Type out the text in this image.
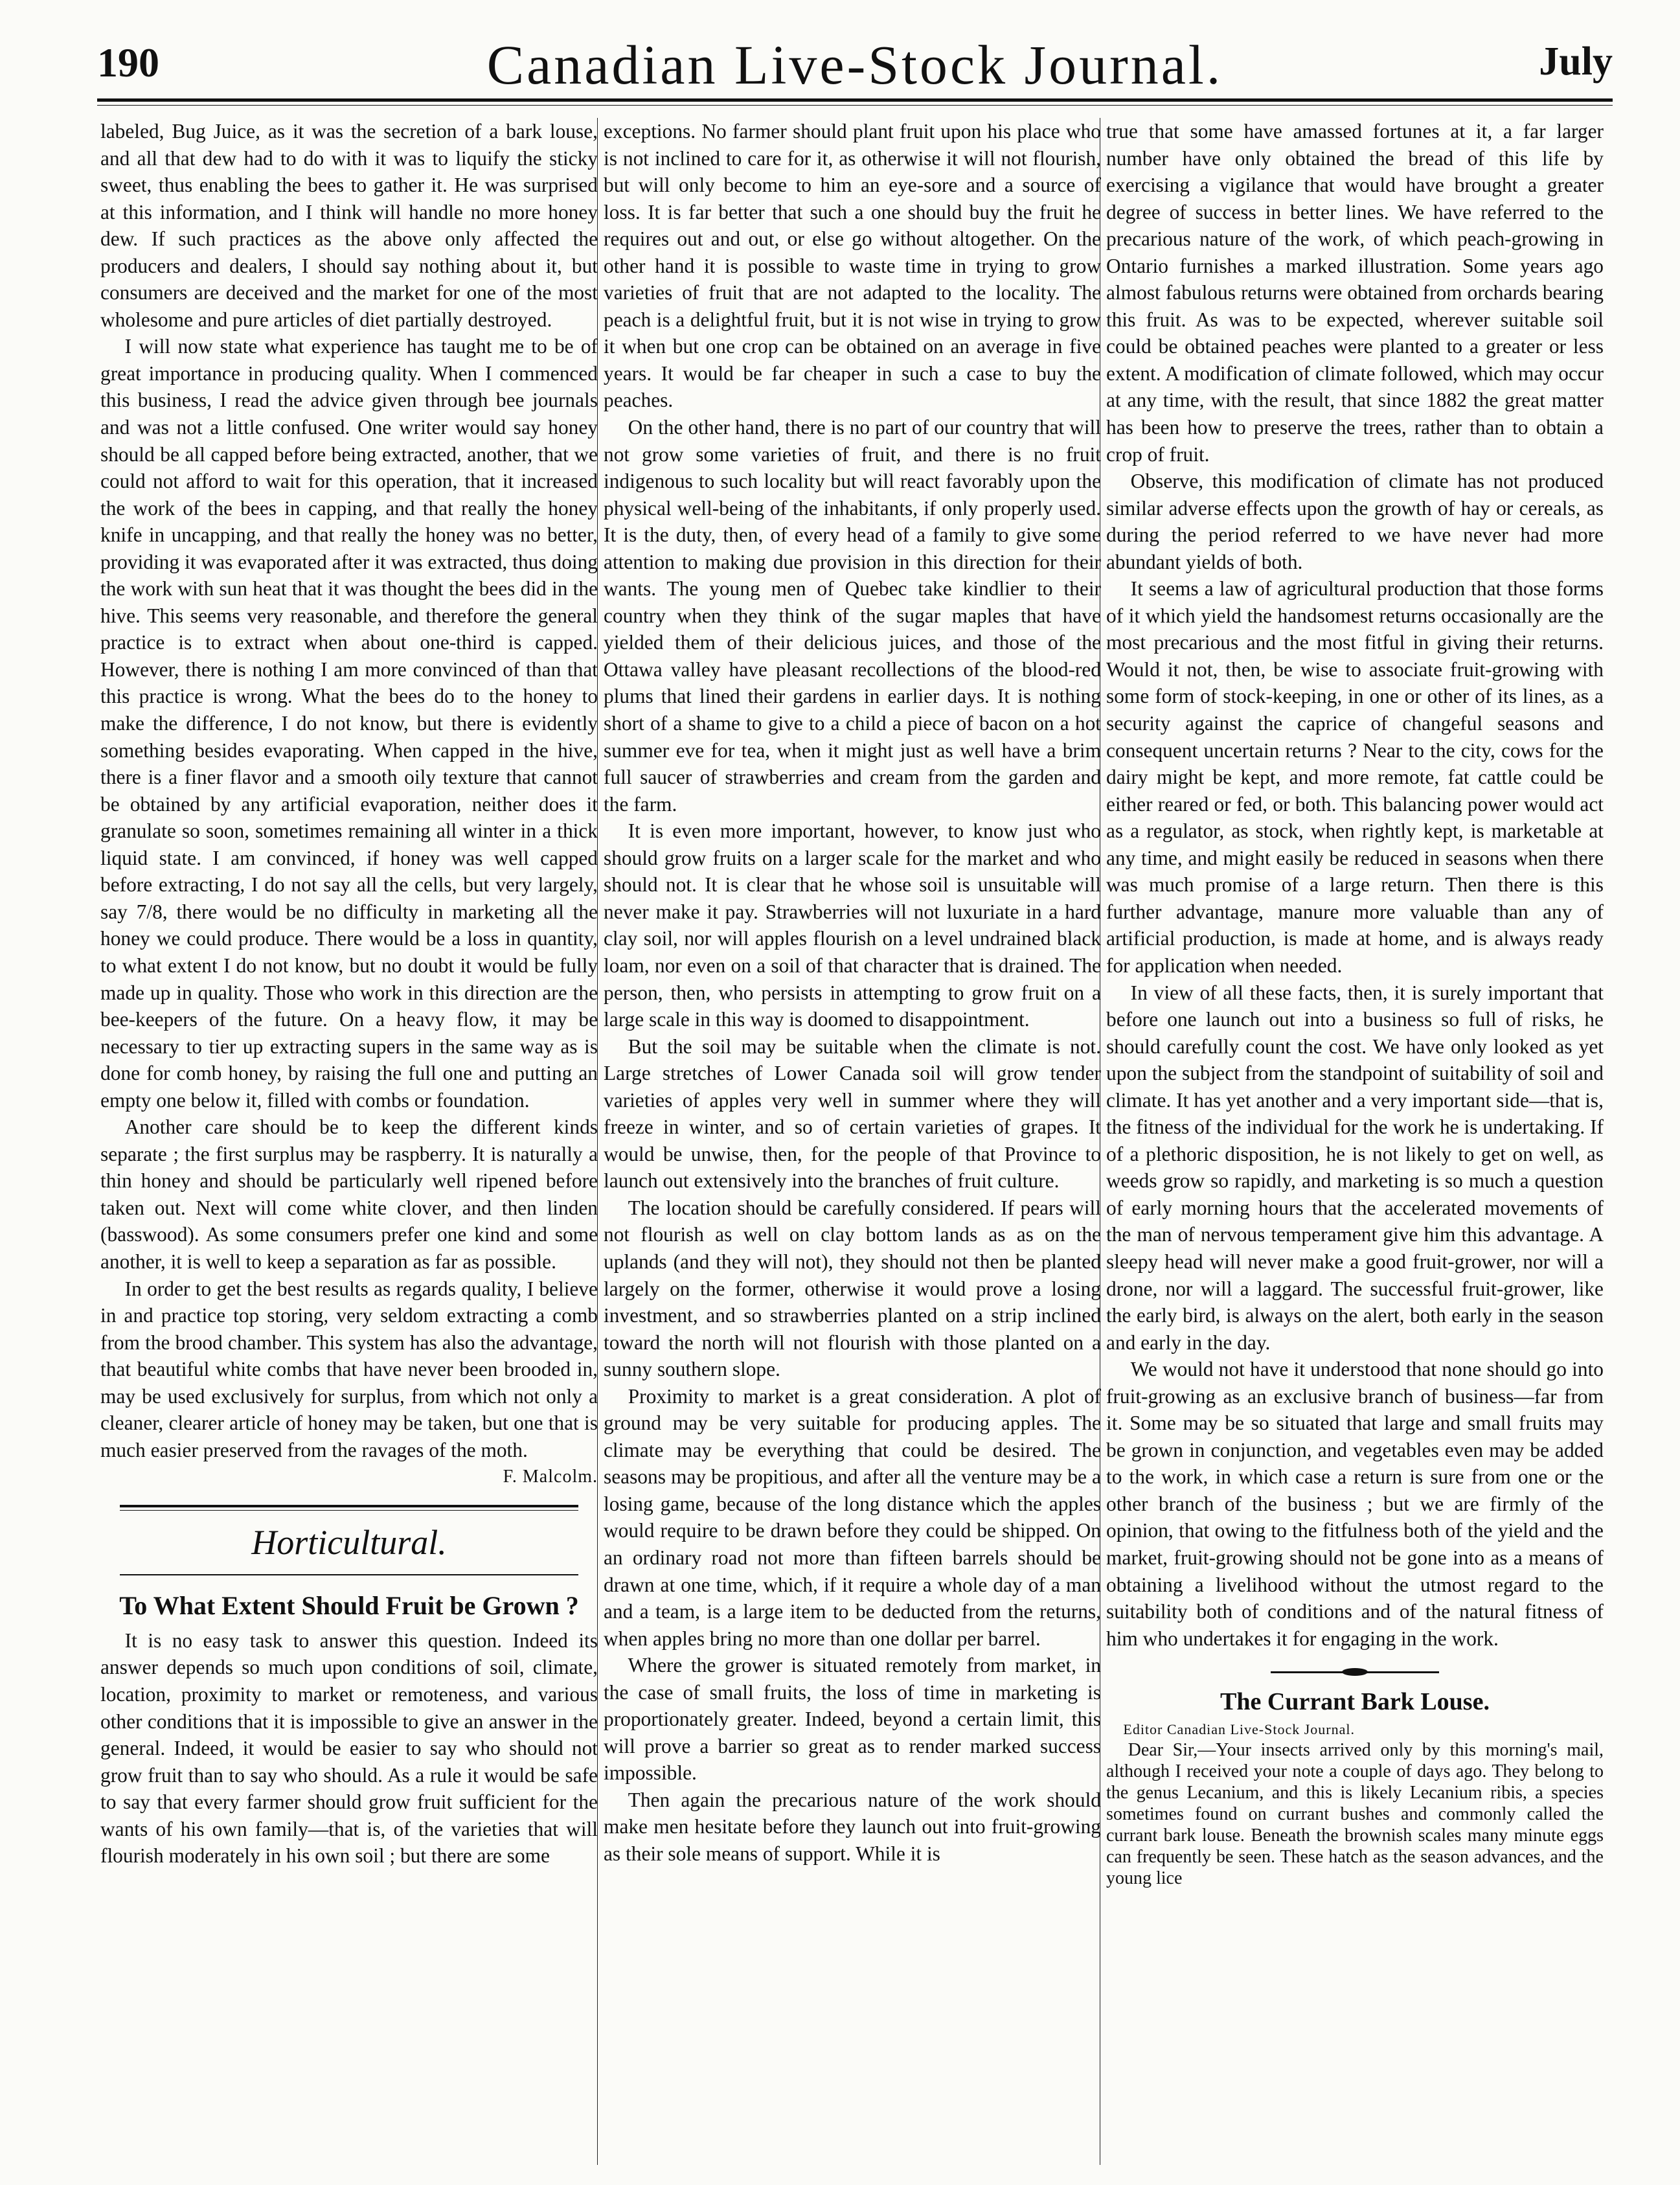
190	Canadian Live-Stock Journal.	July

labeled, Bug Juice, as it was the secretion of a bark louse, and all that dew had to do with it was to liquify the sticky sweet, thus enabling the bees to gather it. He was surprised at this information, and I think will handle no more honey dew. If such practices as the above only affected the producers and dealers, I should say nothing about it, but consumers are deceived and the market for one of the most wholesome and pure articles of diet partially destroyed.

I will now state what experience has taught me to be of great importance in producing quality. When I commenced this business, I read the advice given through bee journals and was not a little confused. One writer would say honey should be all capped before being extracted, another, that we could not afford to wait for this operation, that it increased the work of the bees in capping, and that really the honey knife in uncapping, and that really the honey was no better, providing it was evaporated after it was extracted, thus doing the work with sun heat that it was thought the bees did in the hive. This seems very reasonable, and therefore the general practice is to extract when about one-third is capped. However, there is nothing I am more convinced of than that this practice is wrong. What the bees do to the honey to make the difference, I do not know, but there is evidently something besides evaporating. When capped in the hive, there is a finer flavor and a smooth oily texture that cannot be obtained by any artificial evaporation, neither does it granulate so soon, sometimes remaining all winter in a thick liquid state. I am convinced, if honey was well capped before extracting, I do not say all the cells, but very largely, say 7/8, there would be no difficulty in marketing all the honey we could produce. There would be a loss in quantity, to what extent I do not know, but no doubt it would be fully made up in quality. Those who work in this direction are the bee-keepers of the future. On a heavy flow, it may be necessary to tier up extracting supers in the same way as is done for comb honey, by raising the full one and putting an empty one below it, filled with combs or foundation.

Another care should be to keep the different kinds separate ; the first surplus may be raspberry. It is naturally a thin honey and should be particularly well ripened before taken out. Next will come white clover, and then linden (basswood). As some consumers prefer one kind and some another, it is well to keep a separation as far as possible.

In order to get the best results as regards quality, I believe in and practice top storing, very seldom extracting a comb from the brood chamber. This system has also the advantage, that beautiful white combs that have never been brooded in, may be used exclusively for surplus, from which not only a cleaner, clearer article of honey may be taken, but one that is much easier preserved from the ravages of the moth.

F. Malcolm.

Horticultural.
To What Extent Should Fruit be Grown ?

It is no easy task to answer this question. Indeed its answer depends so much upon conditions of soil, climate, location, proximity to market or remoteness, and various other conditions that it is impossible to give an answer in the general. Indeed, it would be easier to say who should not grow fruit than to say who should. As a rule it would be safe to say that every farmer should grow fruit sufficient for the wants of his own family—that is, of the varieties that will flourish moderately in his own soil ; but there are some

exceptions. No farmer should plant fruit upon his place who is not inclined to care for it, as otherwise it will not flourish, but will only become to him an eye-sore and a source of loss. It is far better that such a one should buy the fruit he requires out and out, or else go without altogether. On the other hand it is possible to waste time in trying to grow varieties of fruit that are not adapted to the locality. The peach is a delightful fruit, but it is not wise in trying to grow it when but one crop can be obtained on an average in five years. It would be far cheaper in such a case to buy the peaches.

On the other hand, there is no part of our country that will not grow some varieties of fruit, and there is no fruit indigenous to such locality but will react favorably upon the physical well-being of the inhabitants, if only properly used. It is the duty, then, of every head of a family to give some attention to making due provision in this direction for their wants. The young men of Quebec take kindlier to their country when they think of the sugar maples that have yielded them of their delicious juices, and those of the Ottawa valley have pleasant recollections of the blood-red plums that lined their gardens in earlier days. It is nothing short of a shame to give to a child a piece of bacon on a hot summer eve for tea, when it might just as well have a brim full saucer of strawberries and cream from the garden and the farm.

It is even more important, however, to know just who should grow fruits on a larger scale for the market and who should not. It is clear that he whose soil is unsuitable will never make it pay. Strawberries will not luxuriate in a hard clay soil, nor will apples flourish on a level undrained black loam, nor even on a soil of that character that is drained. The person, then, who persists in attempting to grow fruit on a large scale in this way is doomed to disappointment.

But the soil may be suitable when the climate is not. Large stretches of Lower Canada soil will grow tender varieties of apples very well in summer where they will freeze in winter, and so of certain varieties of grapes. It would be unwise, then, for the people of that Province to launch out extensively into the branches of fruit culture.

The location should be carefully considered. If pears will not flourish as well on clay bottom lands as as on the uplands (and they will not), they should not then be planted largely on the former, otherwise it would prove a losing investment, and so strawberries planted on a strip inclined toward the north will not flourish with those planted on a sunny southern slope.

Proximity to market is a great consideration. A plot of ground may be very suitable for producing apples. The climate may be everything that could be desired. The seasons may be propitious, and after all the venture may be a losing game, because of the long distance which the apples would require to be drawn before they could be shipped. On an ordinary road not more than fifteen barrels should be drawn at one time, which, if it require a whole day of a man and a team, is a large item to be deducted from the returns, when apples bring no more than one dollar per barrel.

Where the grower is situated remotely from market, in the case of small fruits, the loss of time in marketing is proportionately greater. Indeed, beyond a certain limit, this will prove a barrier so great as to render marked success impossible.

Then again the precarious nature of the work should make men hesitate before they launch out into fruit-growing as their sole means of support. While it is

true that some have amassed fortunes at it, a far larger number have only obtained the bread of this life by exercising a vigilance that would have brought a greater degree of success in better lines. We have referred to the precarious nature of the work, of which peach-growing in Ontario furnishes a marked illustration. Some years ago almost fabulous returns were obtained from orchards bearing this fruit. As was to be expected, wherever suitable soil could be obtained peaches were planted to a greater or less extent. A modification of climate followed, which may occur at any time, with the result, that since 1882 the great matter has been how to preserve the trees, rather than to obtain a crop of fruit.

Observe, this modification of climate has not produced similar adverse effects upon the growth of hay or cereals, as during the period referred to we have never had more abundant yields of both.

It seems a law of agricultural production that those forms of it which yield the handsomest returns occasionally are the most precarious and the most fitful in giving their returns. Would it not, then, be wise to associate fruit-growing with some form of stock-keeping, in one or other of its lines, as a security against the caprice of changeful seasons and consequent uncertain returns ? Near to the city, cows for the dairy might be kept, and more remote, fat cattle could be either reared or fed, or both. This balancing power would act as a regulator, as stock, when rightly kept, is marketable at any time, and might easily be reduced in seasons when there was much promise of a large return. Then there is this further advantage, manure more valuable than any of artificial production, is made at home, and is always ready for application when needed.

In view of all these facts, then, it is surely important that before one launch out into a business so full of risks, he should carefully count the cost. We have only looked as yet upon the subject from the standpoint of suitability of soil and climate. It has yet another and a very important side—that is, the fitness of the individual for the work he is undertaking. If of a plethoric disposition, he is not likely to get on well, as weeds grow so rapidly, and marketing is so much a question of early morning hours that the accelerated movements of the man of nervous temperament give him this advantage. A sleepy head will never make a good fruit-grower, nor will a drone, nor will a laggard. The successful fruit-grower, like the early bird, is always on the alert, both early in the season and early in the day.

We would not have it understood that none should go into fruit-growing as an exclusive branch of business—far from it. Some may be so situated that large and small fruits may be grown in conjunction, and vegetables even may be added to the work, in which case a return is sure from one or the other branch of the business ; but we are firmly of the opinion, that owing to the fitfulness both of the yield and the market, fruit-growing should not be gone into as a means of obtaining a livelihood without the utmost regard to the suitability both of conditions and of the natural fitness of him who undertakes it for engaging in the work.

The Currant Bark Louse.

Editor Canadian Live-Stock Journal.

Dear Sir,—Your insects arrived only by this morning's mail, although I received your note a couple of days ago. They belong to the genus Lecanium, and this is likely Lecanium ribis, a species sometimes found on currant bushes and commonly called the currant bark louse. Beneath the brownish scales many minute eggs can frequently be seen. These hatch as the season advances, and the young lice
